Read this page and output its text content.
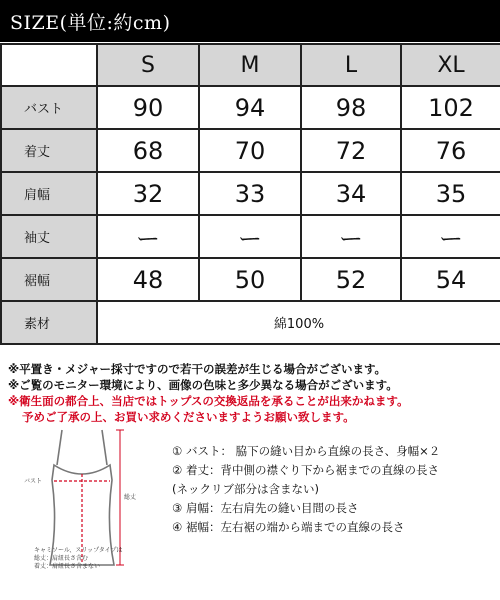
SIZE(単位:約cm)
	S	M	L	XL
バスト	90	94	98	102
着丈	68	70	72	76
肩幅	32	33	34	35
袖丈	ー	ー	ー	ー
裾幅	48	50	52	54
素材	綿100%			
※平置き・メジャー採寸ですので若干の誤差が生じる場合がございます。
※ご覧のモニター環境により、画像の色味と多少異なる場合がございます。
※衛生面の都合上、当店ではトップスの交換返品を承ることが出来かねます。
予めご了承の上、お買い求めくださいますようお願い致します。
バスト
総丈
キャミソール、スリップタイプは
総丈：肩紐長さ含む
着丈：肩紐長さ含まない
① バスト： 脇下の縫い目から直線の長さ、身幅×２
② 着丈：背中側の襟ぐり下から裾までの直線の長さ
(ネックリブ部分は含まない)
③ 肩幅：左右肩先の縫い目間の長さ
④ 裾幅：左右裾の端から端までの直線の長さ
